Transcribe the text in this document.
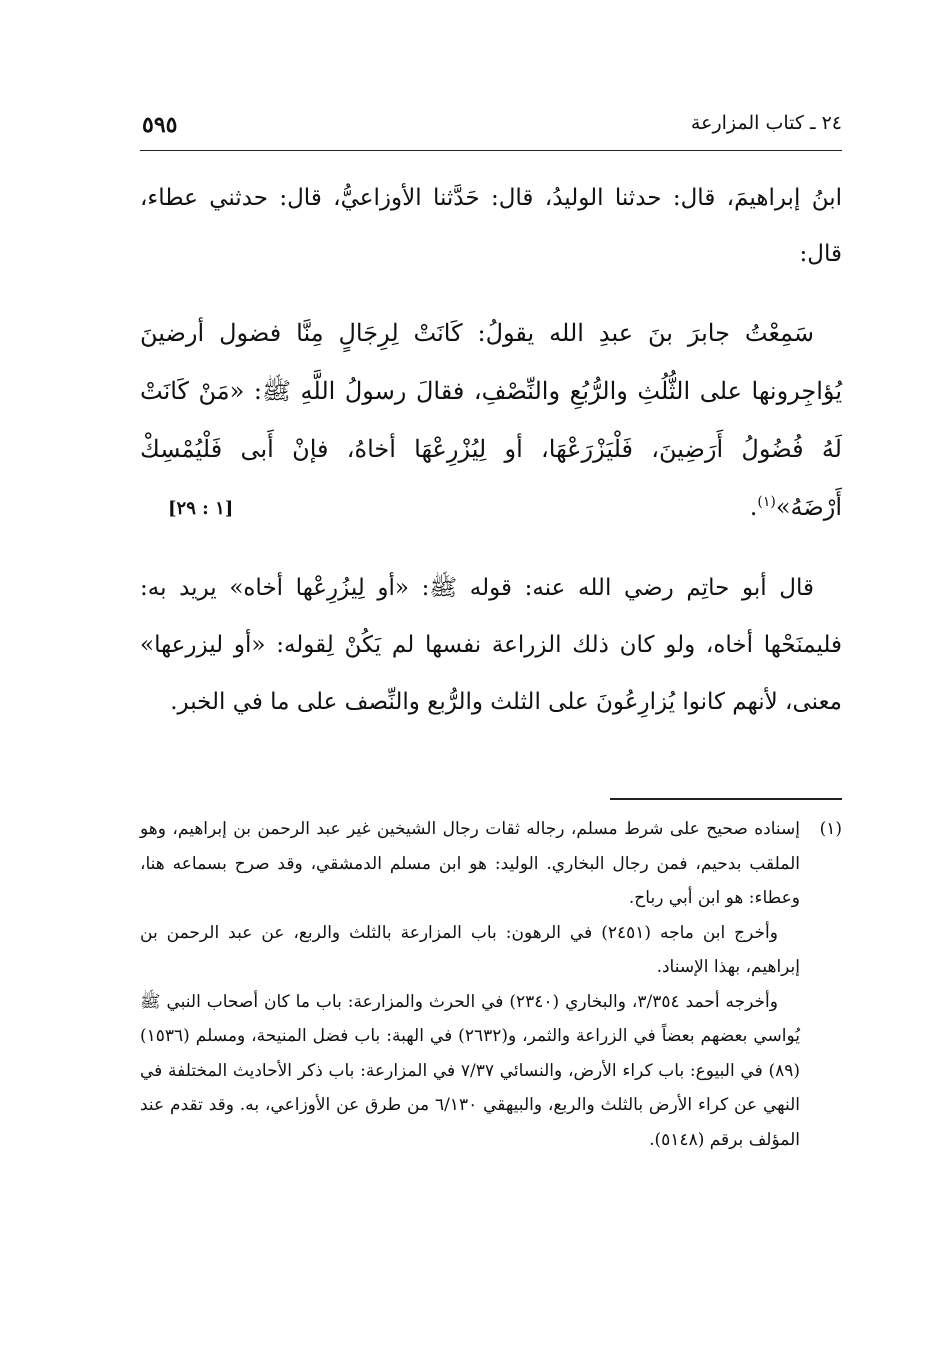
٥٩٥	٢٤ ـ كتاب المزارعة

ابنُ إبراهيمَ، قال: حدثنا الوليدُ، قال: حَدَّثنا الأوزاعيُّ، قال: حدثني عطاء، قال:

سَمِعْتُ جابرَ بنَ عبدِ الله يقولُ: كَانَتْ لِرِجَالٍ مِنَّا فضول أرضينَ يُؤاجِرونها على الثُّلُثِ والرُّبُعِ والنِّصْفِ، فقالَ رسولُ اللَّهِ ﷺ: «مَنْ كَانَتْ لَهُ فُضُولُ أَرَضِينَ، فَلْيَزْرَعْهَا، أو لِيُزْرِعْهَا أخاهُ، فإنْ أَبى فَلْيُمْسِكْ أَرْضَهُ»$^{(١)}$.
[١ : ٢٩]

قال أبو حاتِم رضي الله عنه: قوله ﷺ: «أو لِيزُرِعْها أخاه» يريد به: فليمنَحْها أخاه، ولو كان ذلك الزراعة نفسها لم يَكُنْ لِقوله: «أو ليزرعها» معنى، لأنهم كانوا يُزارِعُونَ على الثلث والرُّبع والنِّصف على ما في الخبر.

(١)
إسناده صحيح على شرط مسلم، رجاله ثقات رجال الشيخين غير عبد الرحمن بن إبراهيم، وهو الملقب بدحيم، فمن رجال البخاري. الوليد: هو ابن مسلم الدمشقي، وقد صرح بسماعه هنا، وعطاء: هو ابن أبي رباح.

وأخرج ابن ماجه (٢٤٥١) في الرهون: باب المزارعة بالثلث والربع، عن عبد الرحمن بن إبراهيم، بهذا الإسناد.

وأخرجه أحمد ٣/٣٥٤، والبخاري (٢٣٤٠) في الحرث والمزارعة: باب ما كان أصحاب النبي ﷺ يُواسي بعضهم بعضاً في الزراعة والثمر، و(٢٦٣٢) في الهبة: باب فضل المنيحة، ومسلم (١٥٣٦) (٨٩) في البيوع: باب كراء الأرض، والنسائي ٧/٣٧ في المزارعة: باب ذكر الأحاديث المختلفة في النهي عن كراء الأرض بالثلث والربع، والبيهقي ٦/١٣٠ من طرق عن الأوزاعي، به. وقد تقدم عند المؤلف برقم (٥١٤٨).
